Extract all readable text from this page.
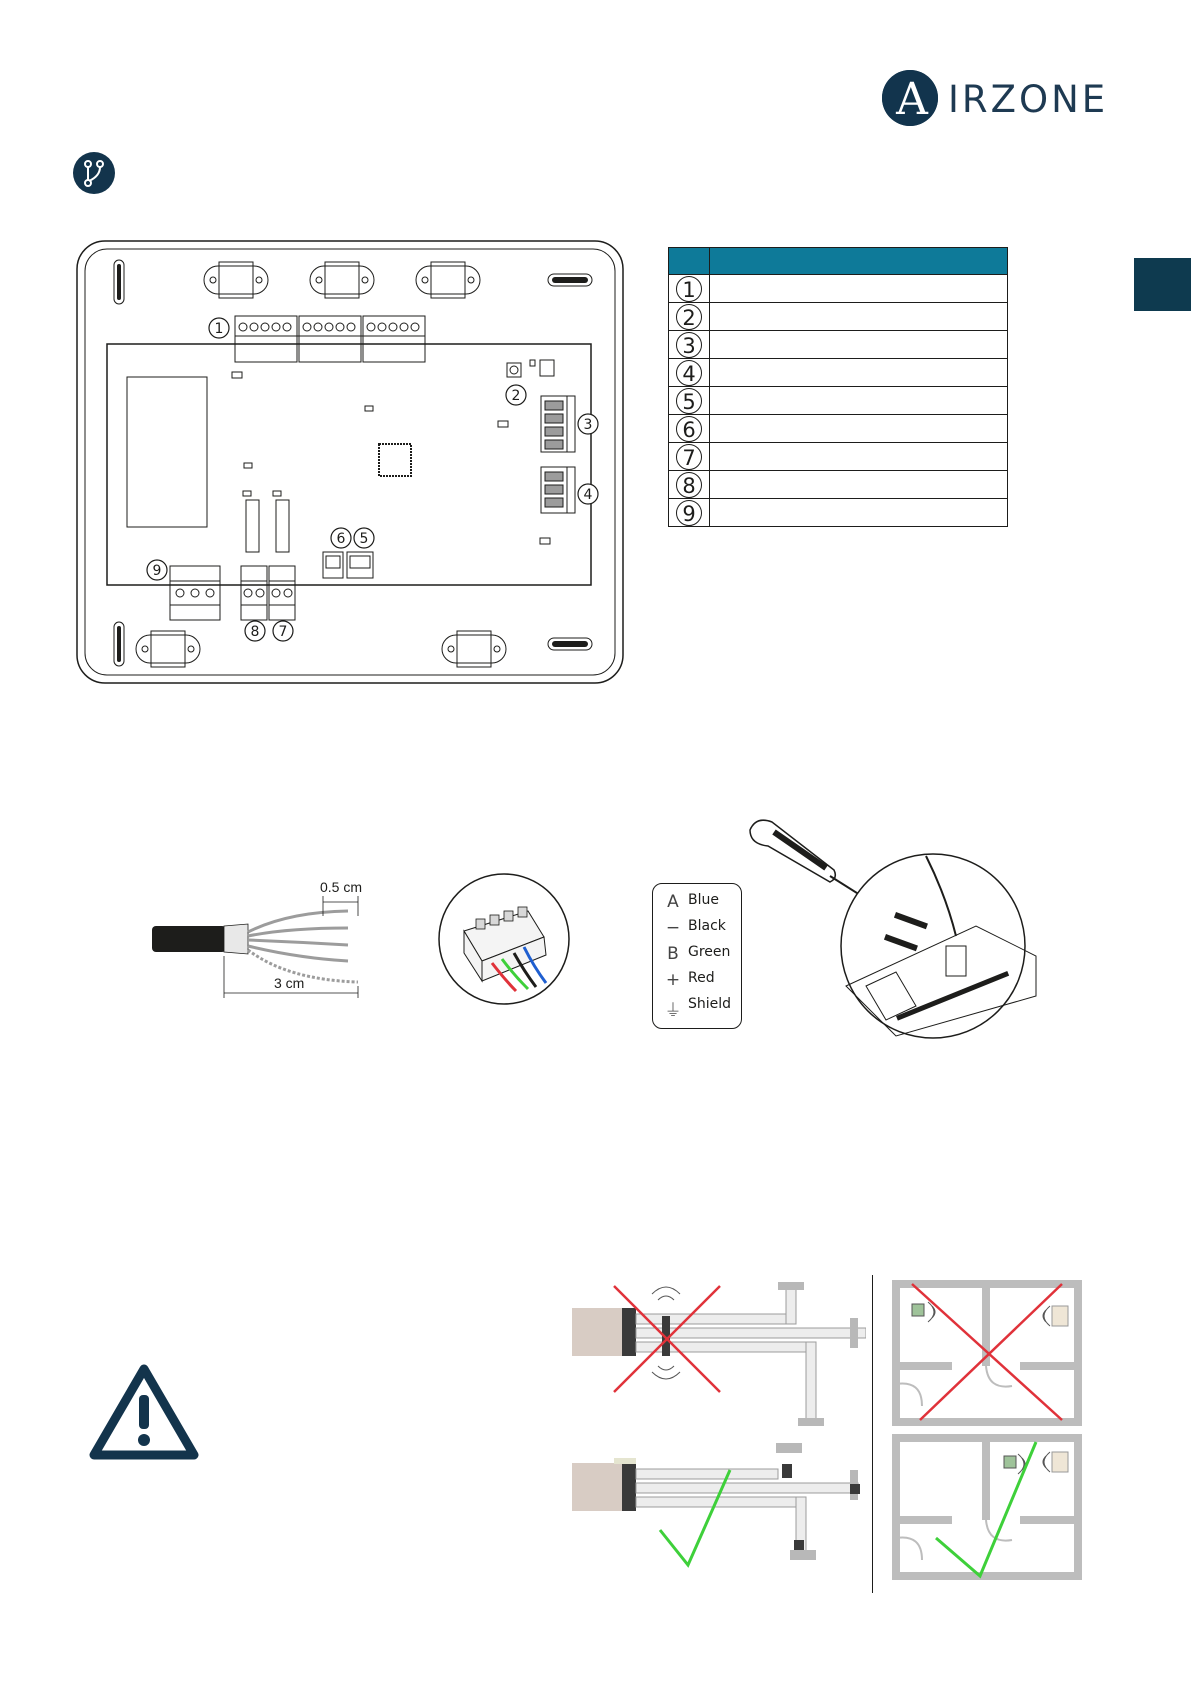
A IRZONE
1
2
3
4
5
6
7
8
9

1	
2	
3	
4	
5	
6	
7	
8	
9	
0.5 cm
3 cm
A Blue
− Black
B Green
+ Red
⏚ Shield
